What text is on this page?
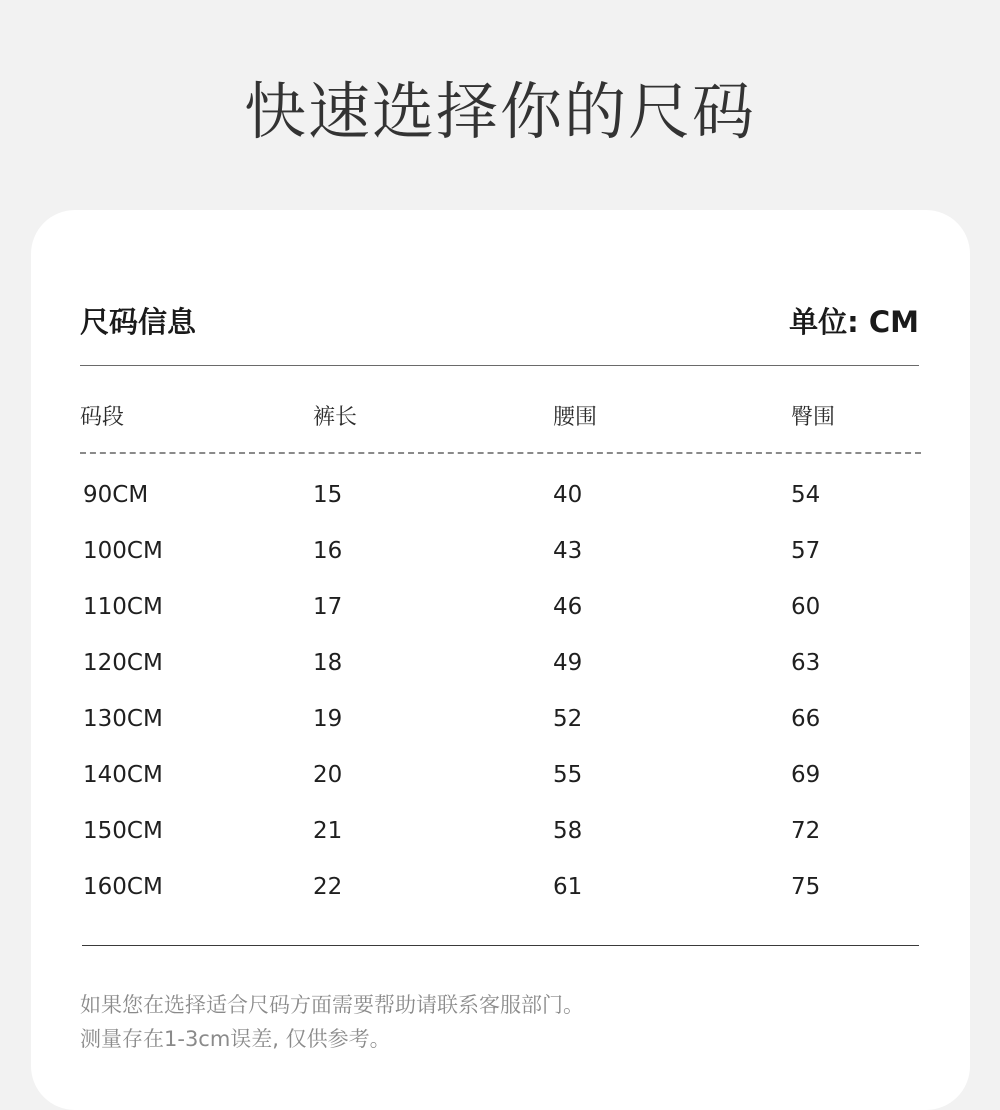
快速选择你的尺码
尺码信息	单位: CM
码段	裤长	腰围	臀围
90CM	15	40	54
100CM	16	43	57
110CM	17	46	60
120CM	18	49	63
130CM	19	52	66
140CM	20	55	69
150CM	21	58	72
160CM	22	61	75
如果您在选择适合尺码方面需要帮助请联系客服部门。
测量存在1-3cm误差, 仅供参考。
